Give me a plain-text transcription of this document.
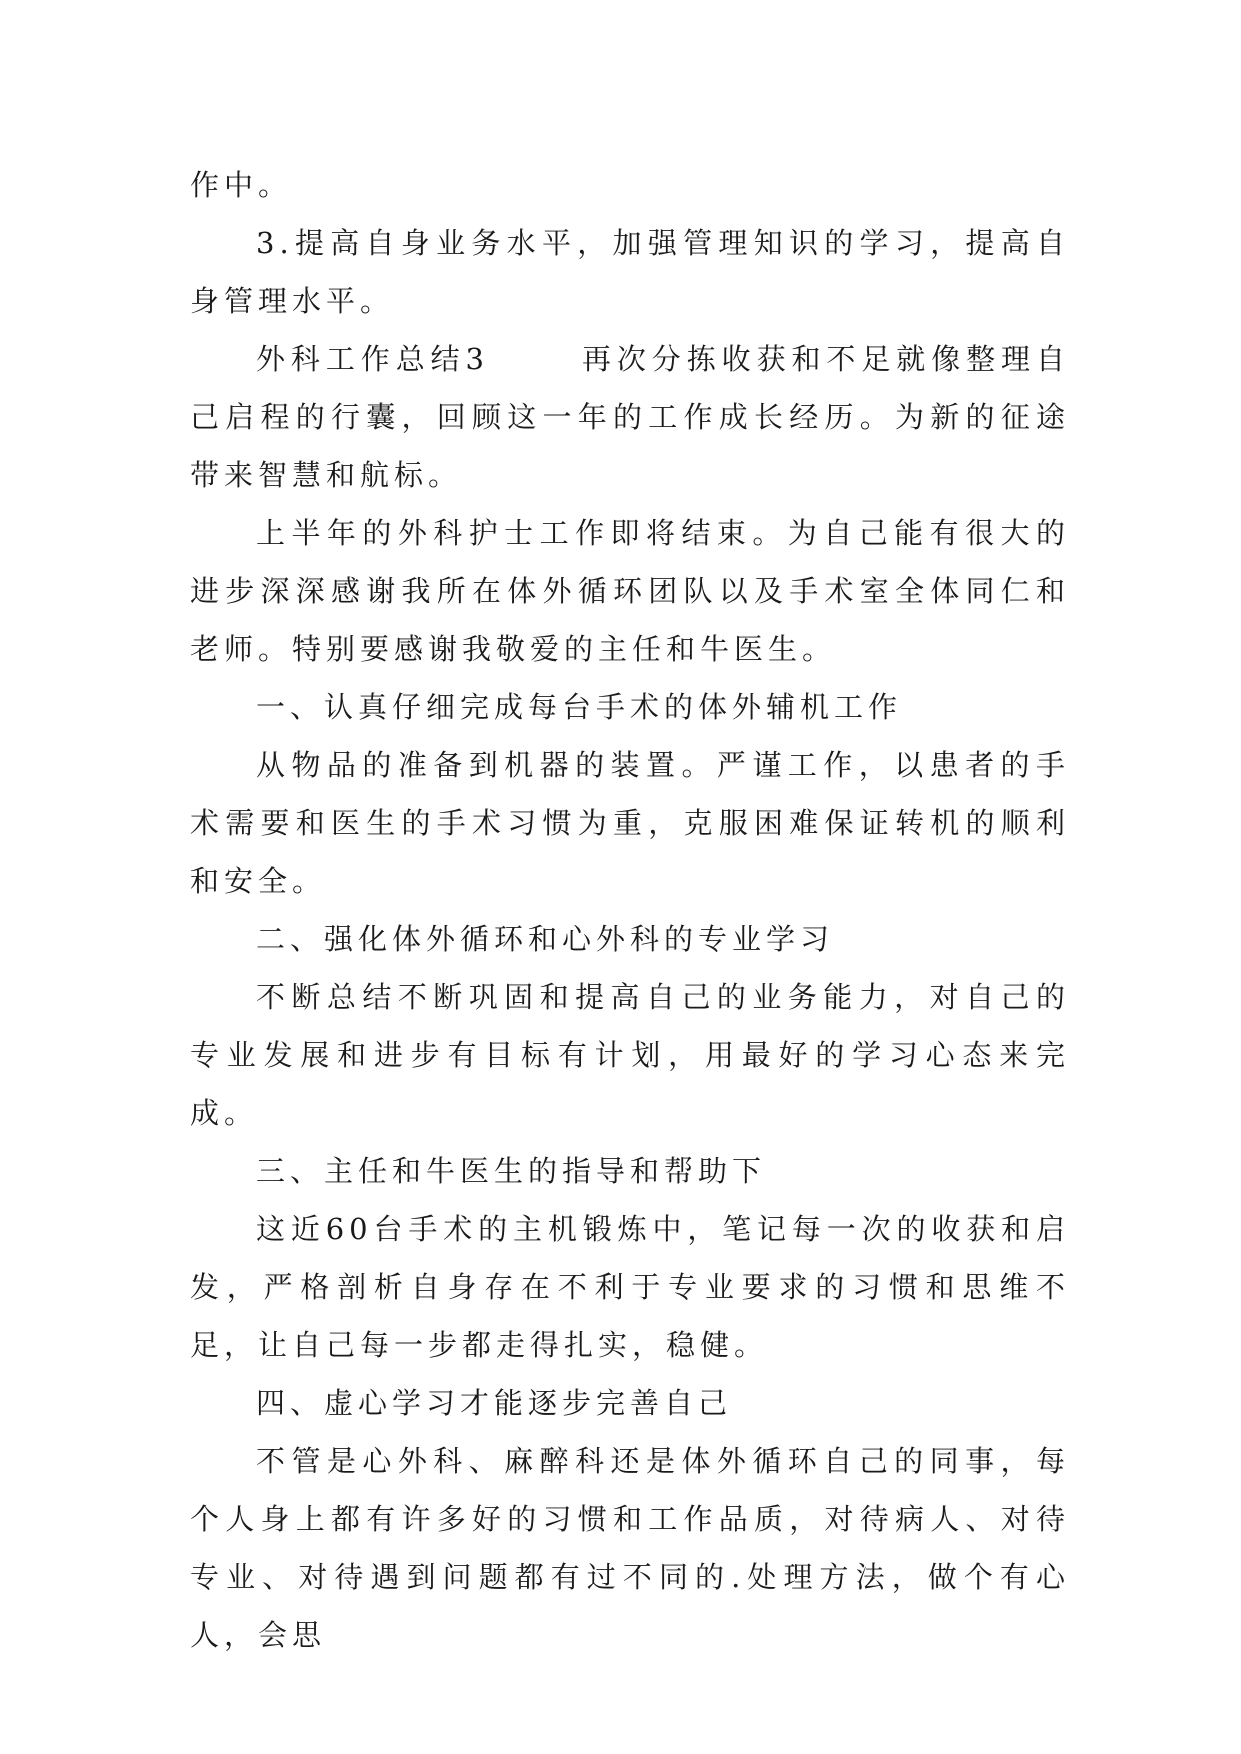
作中。

3.提高自身业务水平，加强管理知识的学习，提高自身管理水平。

外科工作总结3	再次分拣收获和不足就像整理自己启程的行囊，回顾这一年的工作成长经历。为新的征途带来智慧和航标。

上半年的外科护士工作即将结束。为自己能有很大的进步深深感谢我所在体外循环团队以及手术室全体同仁和老师。特别要感谢我敬爱的主任和牛医生。

一、认真仔细完成每台手术的体外辅机工作

从物品的准备到机器的装置。严谨工作，以患者的手术需要和医生的手术习惯为重，克服困难保证转机的顺利和安全。

二、强化体外循环和心外科的专业学习

不断总结不断巩固和提高自己的业务能力，对自己的专业发展和进步有目标有计划，用最好的学习心态来完成。

三、主任和牛医生的指导和帮助下

这近60台手术的主机锻炼中，笔记每一次的收获和启发，严格剖析自身存在不利于专业要求的习惯和思维不足，让自己每一步都走得扎实，稳健。

四、虚心学习才能逐步完善自己

不管是心外科、麻醉科还是体外循环自己的同事，每个人身上都有许多好的习惯和工作品质，对待病人、对待专业、对待遇到问题都有过不同的.处理方法，做个有心人，会思
